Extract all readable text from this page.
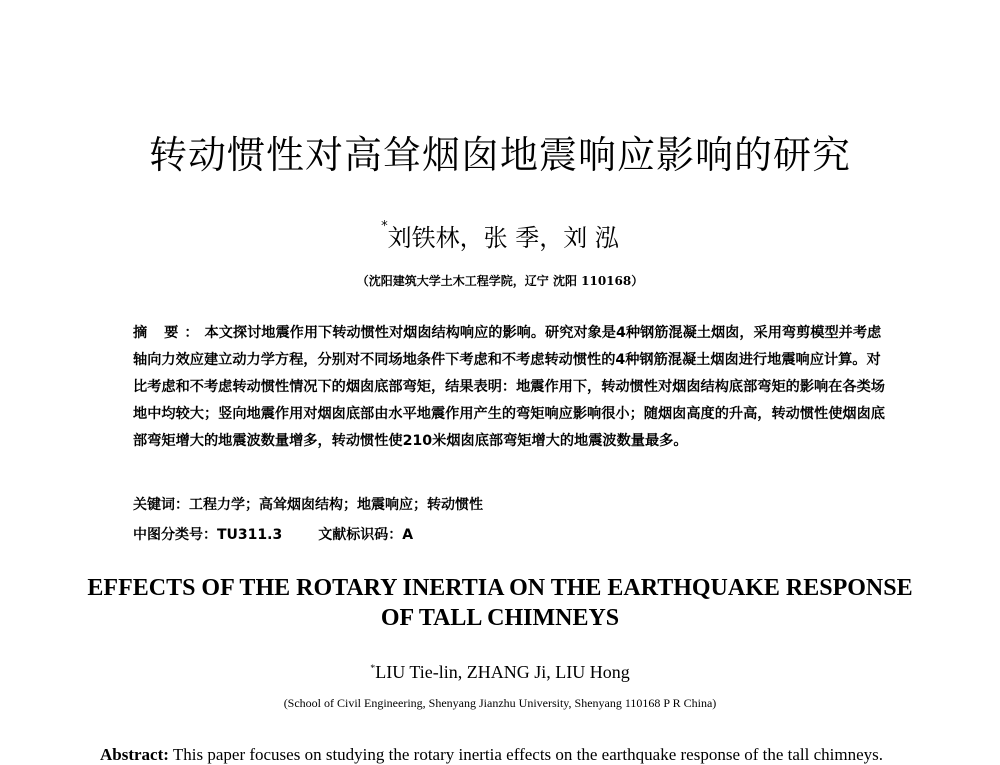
转动惯性对高耸烟囱地震响应影响的研究
*刘铁林，张 季，刘 泓
（沈阳建筑大学土木工程学院，辽宁 沈阳 110168）
摘 要：本文探讨地震作用下转动惯性对烟囱结构响应的影响。研究对象是4种钢筋混凝土烟囱，采用弯剪模型并考虑轴向力效应建立动力学方程，分别对不同场地条件下考虑和不考虑转动惯性的4种钢筋混凝土烟囱进行地震响应计算。对比考虑和不考虑转动惯性情况下的烟囱底部弯矩，结果表明：地震作用下，转动惯性对烟囱结构底部弯矩的影响在各类场地中均较大；竖向地震作用对烟囱底部由水平地震作用产生的弯矩响应影响很小；随烟囱高度的升高，转动惯性使烟囱底部弯矩增大的地震波数量增多，转动惯性使210米烟囱底部弯矩增大的地震波数量最多。
关键词：工程力学；高耸烟囱结构；地震响应；转动惯性
中图分类号：TU311.3	文献标识码：A
EFFECTS OF THE ROTARY INERTIA ON THE EARTHQUAKE RESPONSE
OF TALL CHIMNEYS
*LIU Tie-lin, ZHANG Ji, LIU Hong
(School of Civil Engineering, Shenyang Jianzhu University, Shenyang 110168 P R China)
Abstract: This paper focuses on studying the rotary inertia effects on the earthquake response of the tall chimneys.
